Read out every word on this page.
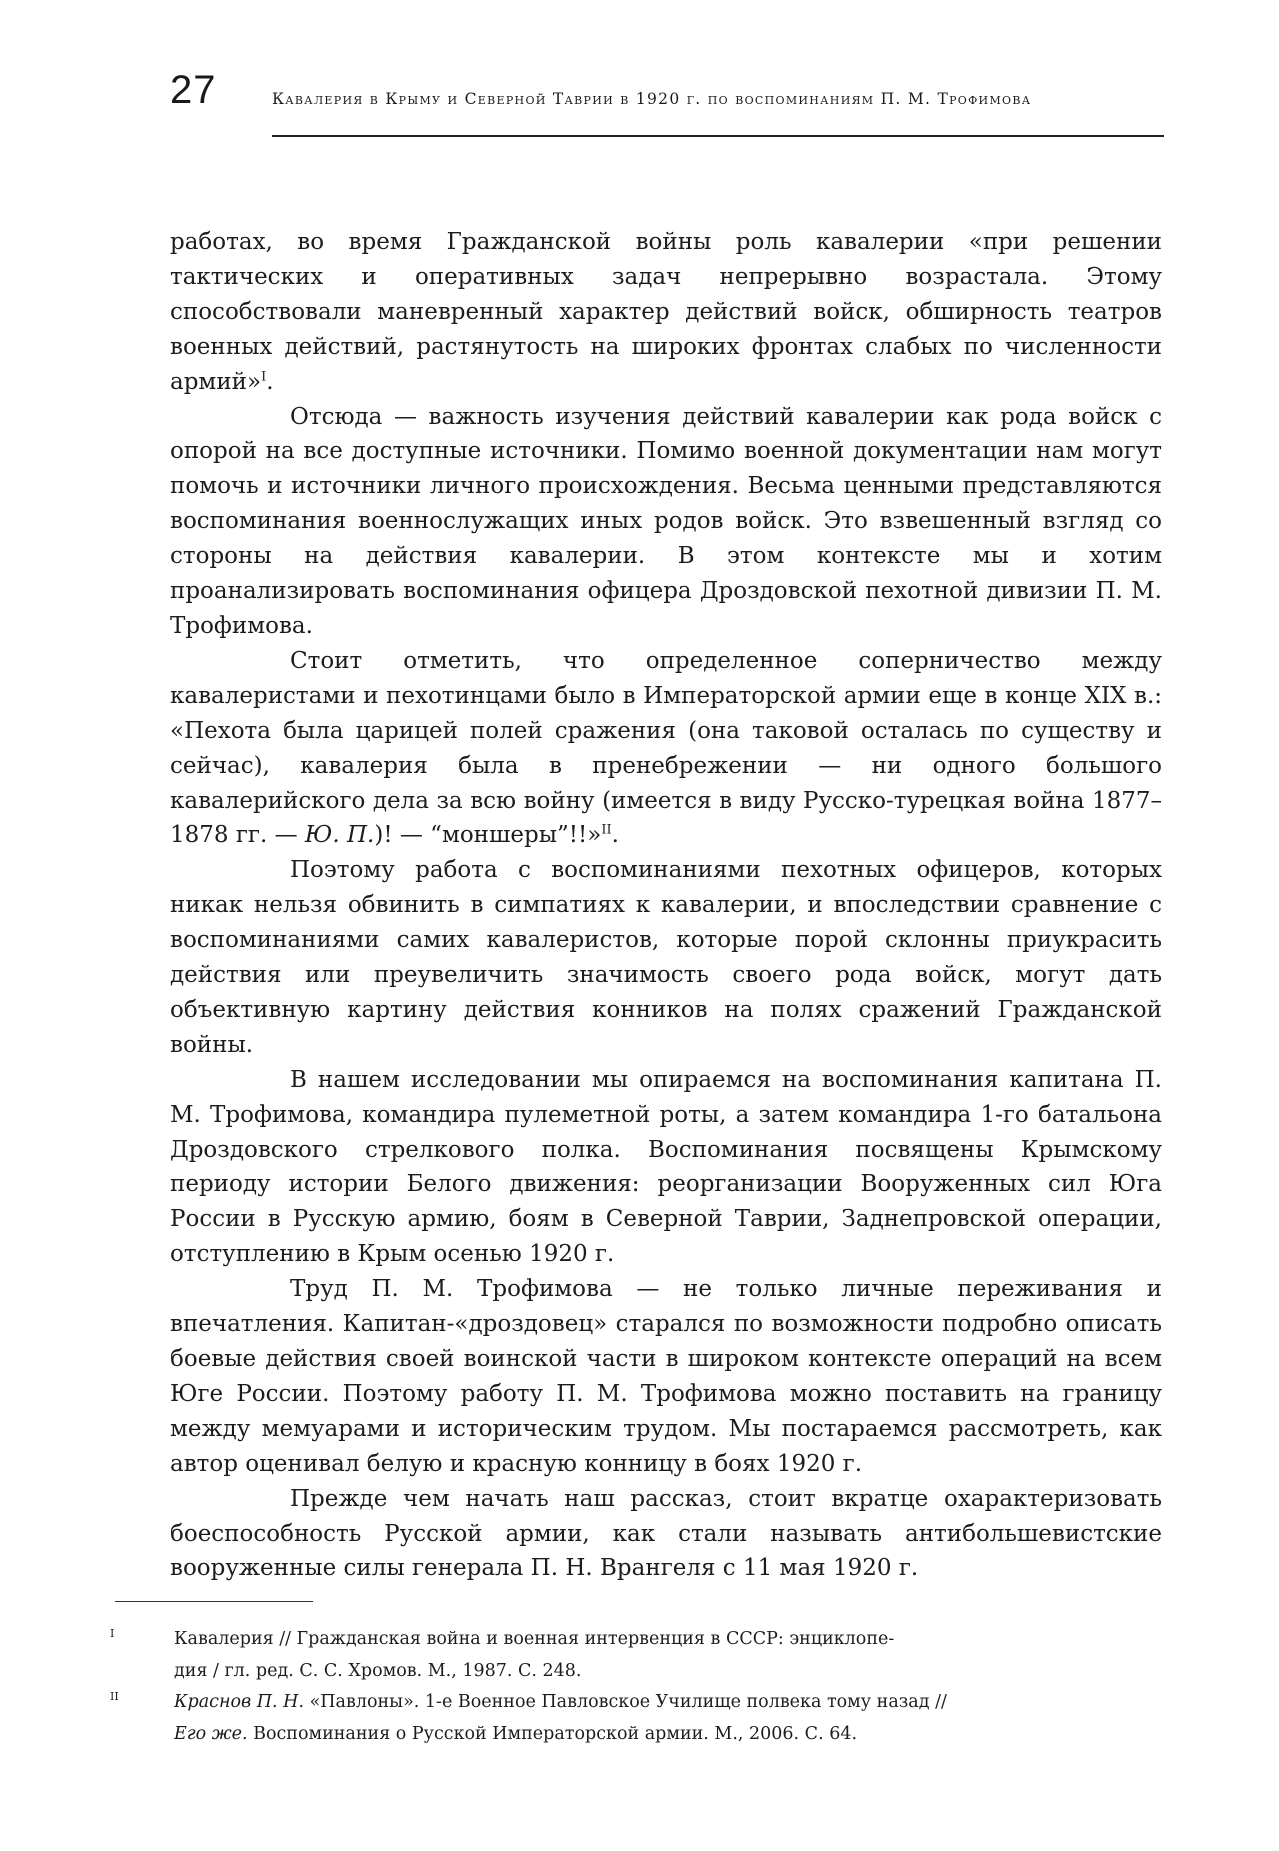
27	Кавалерия в Крыму и Северной Таврии в 1920 г. по воспоминаниям П. М. Трофимова

работах, во время Гражданской войны роль кавалерии «при решении тактических и оперативных задач непрерывно возрастала. Этому способствовали маневренный характер действий войск, обширность театров военных действий, растянутость на широких фронтах слабых по численности армий»$^I$.

Отсюда — важность изучения действий кавалерии как рода войск с опорой на все доступные источники. Помимо военной документации нам могут помочь и источники личного происхождения. Весьма ценными представляются воспоминания военнослужащих иных родов войск. Это взвешенный взгляд со стороны на действия кавалерии. В этом контексте мы и хотим проанализировать воспоминания офицера Дроздовской пехотной дивизии П. М. Трофимова.

Стоит отметить, что определенное соперничество между кавалеристами и пехотинцами было в Императорской армии еще в конце XIX в.: «Пехота была царицей полей сражения (она таковой осталась по существу и сейчас), кавалерия была в пренебрежении — ни одного большого кавалерийского дела за всю войну (имеется в виду Русско-турецкая война 1877–1878 гг. — Ю. П.)! — “моншеры”!!»$^{II}$.

Поэтому работа с воспоминаниями пехотных офицеров, которых никак нельзя обвинить в симпатиях к кавалерии, и впоследствии сравнение с воспоминаниями самих кавалеристов, которые порой склонны приукрасить действия или преувеличить значимость своего рода войск, могут дать объективную картину действия конников на полях сражений Гражданской войны.

В нашем исследовании мы опираемся на воспоминания капитана П. М. Трофимова, командира пулеметной роты, а затем командира 1-го батальона Дроздовского стрелкового полка. Воспоминания посвящены Крымскому периоду истории Белого движения: реорганизации Вооруженных сил Юга России в Русскую армию, боям в Северной Таврии, Заднепровской операции, отступлению в Крым осенью 1920 г.

Труд П. М. Трофимова — не только личные переживания и впечатления. Капитан-«дроздовец» старался по возможности подробно описать боевые действия своей воинской части в широком контексте операций на всем Юге России. Поэтому работу П. М. Трофимова можно поставить на границу между мемуарами и историческим трудом. Мы постараемся рассмотреть, как автор оценивал белую и красную конницу в боях 1920 г.

Прежде чем начать наш рассказ, стоит вкратце охарактеризовать боеспособность Русской армии, как стали называть антибольшевистские вооруженные силы генерала П. Н. Врангеля с 11 мая 1920 г.

I	Кавалерия // Гражданская война и военная интервенция в СССР: энциклопе-
дия / гл. ред. С. С. Хромов. М., 1987. С. 248.
II	Краснов П. Н. «Павлоны». 1-е Военное Павловское Училище полвека тому назад //
Его же. Воспоминания о Русской Императорской армии. М., 2006. С. 64.
